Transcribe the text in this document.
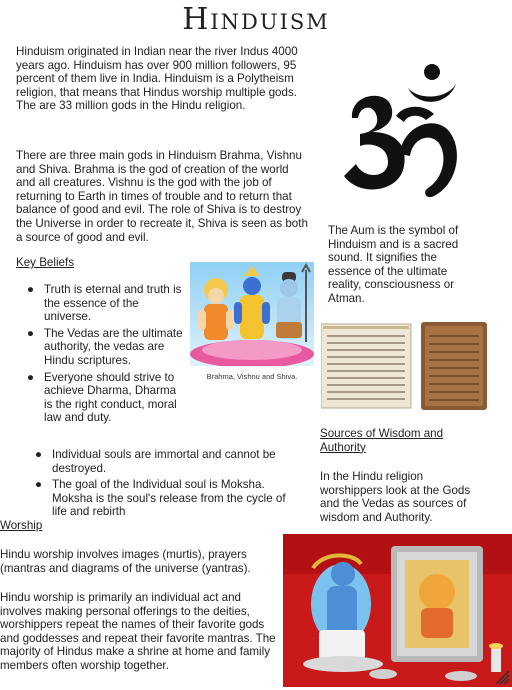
Hinduism

Hinduism originated in Indian near the river Indus 4000 years ago. Hinduism has over 900 million followers, 95 percent of them live in India. Hinduism is a Polytheism religion, that means that Hindus worship multiple gods. The are 33 million gods in the Hindu religion.

There are three main gods in Hinduism Brahma, Vishnu and Shiva. Brahma is the god of creation of the world and all creatures. Vishnu is the god with the job of returning to Earth in times of trouble and to return that balance of good and evil. The role of Shiva is to destroy the Universe in order to recreate it, Shiva is seen as both a source of good and evil.

Key Beliefs
● Truth is eternal and truth is the essence of the universe.
● The Vedas are the ultimate authority, the vedas are Hindu scriptures.
● Everyone should strive to achieve Dharma, Dharma is the right conduct, moral law and duty.
● Individual souls are immortal and cannot be destroyed.
● The goal of the Individual soul is Moksha. Moksha is the soul's release from the cycle of life and rebirth
Brahma, Vishnu and Shiva.

The Aum is the symbol of Hinduism and is a sacred sound. It signifies the essence of the ultimate reality, consciousness or Atman.

Sources of Wisdom and Authority

In the Hindu religion worshippers look at the Gods and the Vedas as sources of wisdom and Authority.

Worship

Hindu worship involves images (murtis), prayers (mantras and diagrams of the universe (yantras).

Hindu worship is primarily an individual act and involves making personal offerings to the deities, worshippers repeat the names of their favorite gods and goddesses and repeat their favorite mantras. The majority of Hindus make a shrine at home and family members often worship together.
